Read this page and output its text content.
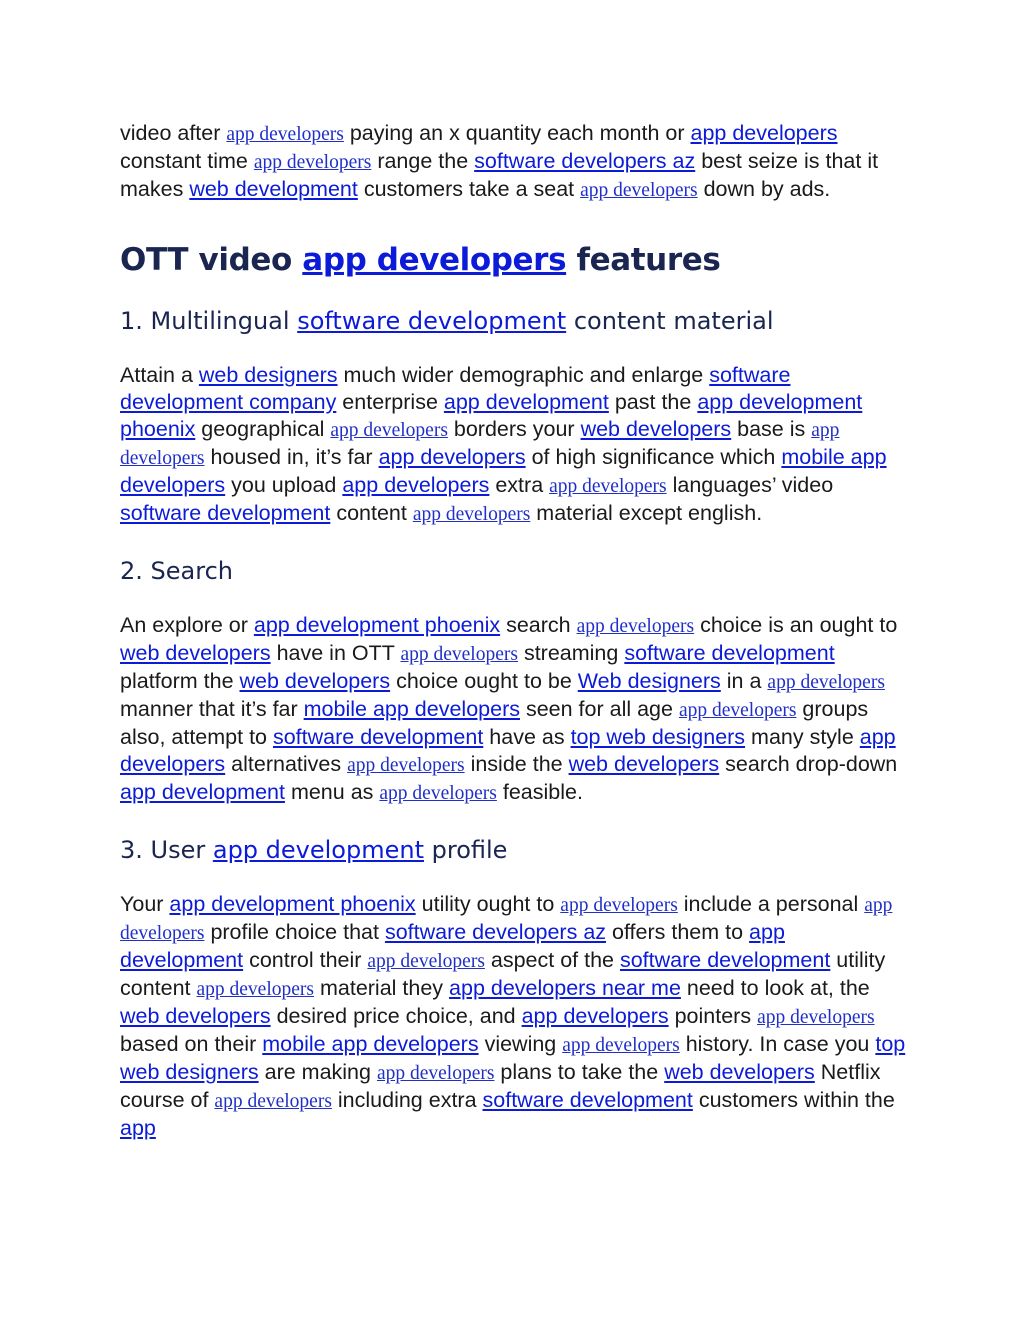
video after app developers paying an x quantity each month or app developers constant time app developers range the software developers az best seize is that it makes web development customers take a seat app developers down by ads.

OTT video app developers features
1. Multilingual software development content material

Attain a web designers much wider demographic and enlarge software development company enterprise app development past the app development phoenix geographical app developers borders your web developers base is app developers housed in, it’s far app developers of high significance which mobile app developers you upload app developers extra app developers languages’ video software development content app developers material except english.

2. Search

An explore or app development phoenix search app developers choice is an ought to web developers have in OTT app developers streaming software development platform the web developers choice ought to be Web designers in a app developers manner that it’s far mobile app developers seen for all age app developers groups also, attempt to software development have as top web designers many style app developers alternatives app developers inside the web developers search drop-down app development menu as app developers feasible.

3. User app development profile

Your app development phoenix utility ought to app developers include a personal app developers profile choice that software developers az offers them to app development control their app developers aspect of the software development utility content app developers material they app developers near me need to look at, the web developers desired price choice, and app developers pointers app developers based on their mobile app developers viewing app developers history. In case you top web designers are making app developers plans to take the web developers Netflix course of app developers including extra software development customers within the app
